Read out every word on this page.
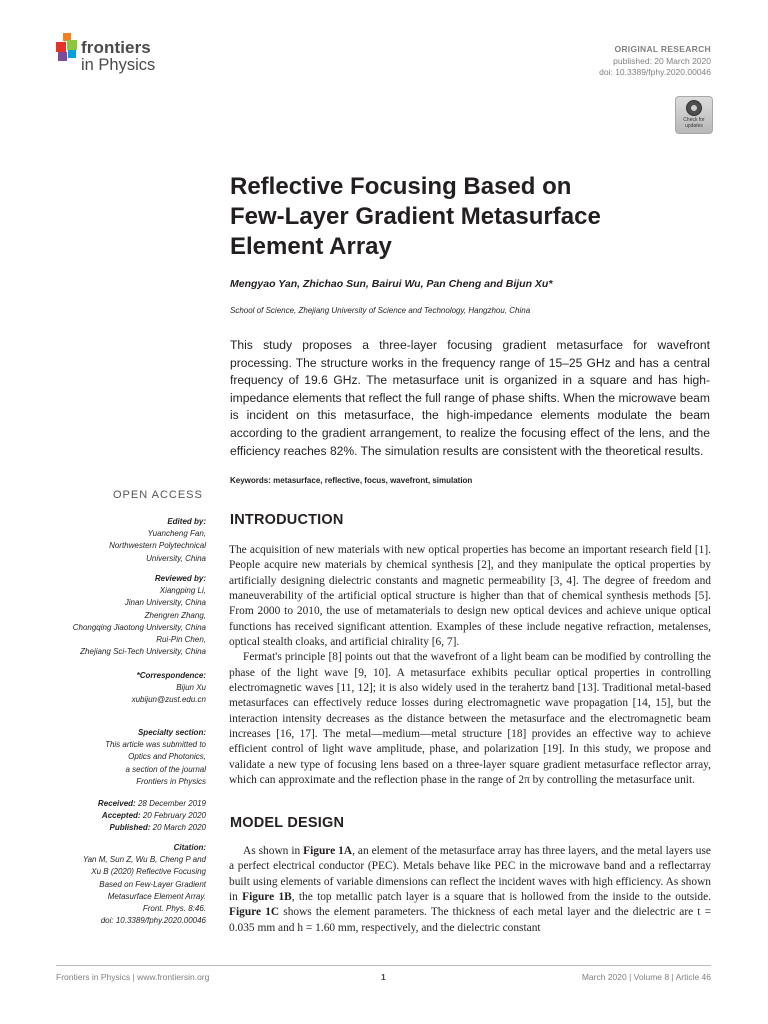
frontiers
in Physics
ORIGINAL RESEARCH
published: 20 March 2020
doi: 10.3389/fphy.2020.00046
Check for
updates
Reflective Focusing Based on
Few-Layer Gradient Metasurface
Element Array
Mengyao Yan, Zhichao Sun, Bairui Wu, Pan Cheng and Bijun Xu*
School of Science, Zhejiang University of Science and Technology, Hangzhou, China
This study proposes a three-layer focusing gradient metasurface for wavefront processing. The structure works in the frequency range of 15–25 GHz and has a central frequency of 19.6 GHz. The metasurface unit is organized in a square and has high-impedance elements that reflect the full range of phase shifts. When the microwave beam is incident on this metasurface, the high-impedance elements modulate the beam according to the gradient arrangement, to realize the focusing effect of the lens, and the efficiency reaches 82%. The simulation results are consistent with the theoretical results.
Keywords: metasurface, reflective, focus, wavefront, simulation
OPEN ACCESS
Edited by:
Yuancheng Fan,
Northwestern Polytechnical
University, China
Reviewed by:
Xiangping Li,
Jinan University, China
Zhengren Zhang,
Chongqing Jiaotong University, China
Rui-Pin Chen,
Zhejiang Sci-Tech University, China
*Correspondence:
Bijun Xu
xubijun@zust.edu.cn
Specialty section:
This article was submitted to
Optics and Photonics,
a section of the journal
Frontiers in Physics
Received: 28 December 2019
Accepted: 20 February 2020
Published: 20 March 2020
Citation:
Yan M, Sun Z, Wu B, Cheng P and
Xu B (2020) Reflective Focusing
Based on Few-Layer Gradient
Metasurface Element Array.
Front. Phys. 8:46.
doi: 10.3389/fphy.2020.00046
INTRODUCTION

The acquisition of new materials with new optical properties has become an important research field [1]. People acquire new materials by chemical synthesis [2], and they manipulate the optical properties by artificially designing dielectric constants and magnetic permeability [3, 4]. The degree of freedom and maneuverability of the artificial optical structure is higher than that of chemical synthesis methods [5]. From 2000 to 2010, the use of metamaterials to design new optical devices and achieve unique optical functions has received significant attention. Examples of these include negative refraction, metalenses, optical stealth cloaks, and artificial chirality [6, 7].

Fermat's principle [8] points out that the wavefront of a light beam can be modified by controlling the phase of the light wave [9, 10]. A metasurface exhibits peculiar optical properties in controlling electromagnetic waves [11, 12]; it is also widely used in the terahertz band [13]. Traditional metal-based metasurfaces can effectively reduce losses during electromagnetic wave propagation [14, 15], but the interaction intensity decreases as the distance between the metasurface and the electromagnetic beam increases [16, 17]. The metal—medium—metal structure [18] provides an effective way to achieve efficient control of light wave amplitude, phase, and polarization [19]. In this study, we propose and validate a new type of focusing lens based on a three-layer square gradient metasurface reflector array, which can approximate and the reflection phase in the range of 2π by controlling the metasurface unit.

MODEL DESIGN

As shown in Figure 1A, an element of the metasurface array has three layers, and the metal layers use a perfect electrical conductor (PEC). Metals behave like PEC in the microwave band and a reflectarray built using elements of variable dimensions can reflect the incident waves with high efficiency. As shown in Figure 1B, the top metallic patch layer is a square that is hollowed from the inside to the outside. Figure 1C shows the element parameters. The thickness of each metal layer and the dielectric are t = 0.035 mm and h = 1.60 mm, respectively, and the dielectric constant

Frontiers in Physics | www.frontiersin.org	1	March 2020 | Volume 8 | Article 46
